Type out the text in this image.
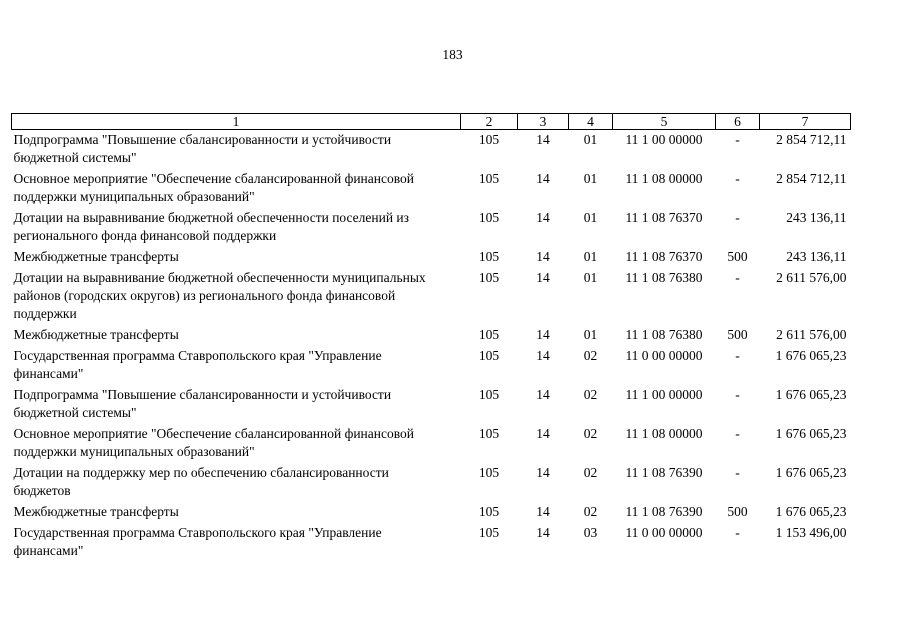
183
1	2	3	4	5	6	7
Подпрограмма "Повышение сбалансированности и устойчивости бюджетной системы"	105	14	01	11 1 00 00000	-	2 854 712,11
Основное мероприятие "Обеспечение сбалансированной финансовой поддержки муниципальных образований"	105	14	01	11 1 08 00000	-	2 854 712,11
Дотации на выравнивание бюджетной обеспеченности поселений из регионального фонда финансовой поддержки	105	14	01	11 1 08 76370	-	243 136,11
Межбюджетные трансферты	105	14	01	11 1 08 76370	500	243 136,11
Дотации на выравнивание бюджетной обеспеченности муниципальных районов (городских округов) из регионального фонда финансовой поддержки	105	14	01	11 1 08 76380	-	2 611 576,00
Межбюджетные трансферты	105	14	01	11 1 08 76380	500	2 611 576,00
Государственная программа Ставропольского края "Управление финансами"	105	14	02	11 0 00 00000	-	1 676 065,23
Подпрограмма "Повышение сбалансированности и устойчивости бюджетной системы"	105	14	02	11 1 00 00000	-	1 676 065,23
Основное мероприятие "Обеспечение сбалансированной финансовой поддержки муниципальных образований"	105	14	02	11 1 08 00000	-	1 676 065,23
Дотации на поддержку мер по обеспечению сбалансированности бюджетов	105	14	02	11 1 08 76390	-	1 676 065,23
Межбюджетные трансферты	105	14	02	11 1 08 76390	500	1 676 065,23
Государственная программа Ставропольского края "Управление финансами"	105	14	03	11 0 00 00000	-	1 153 496,00
